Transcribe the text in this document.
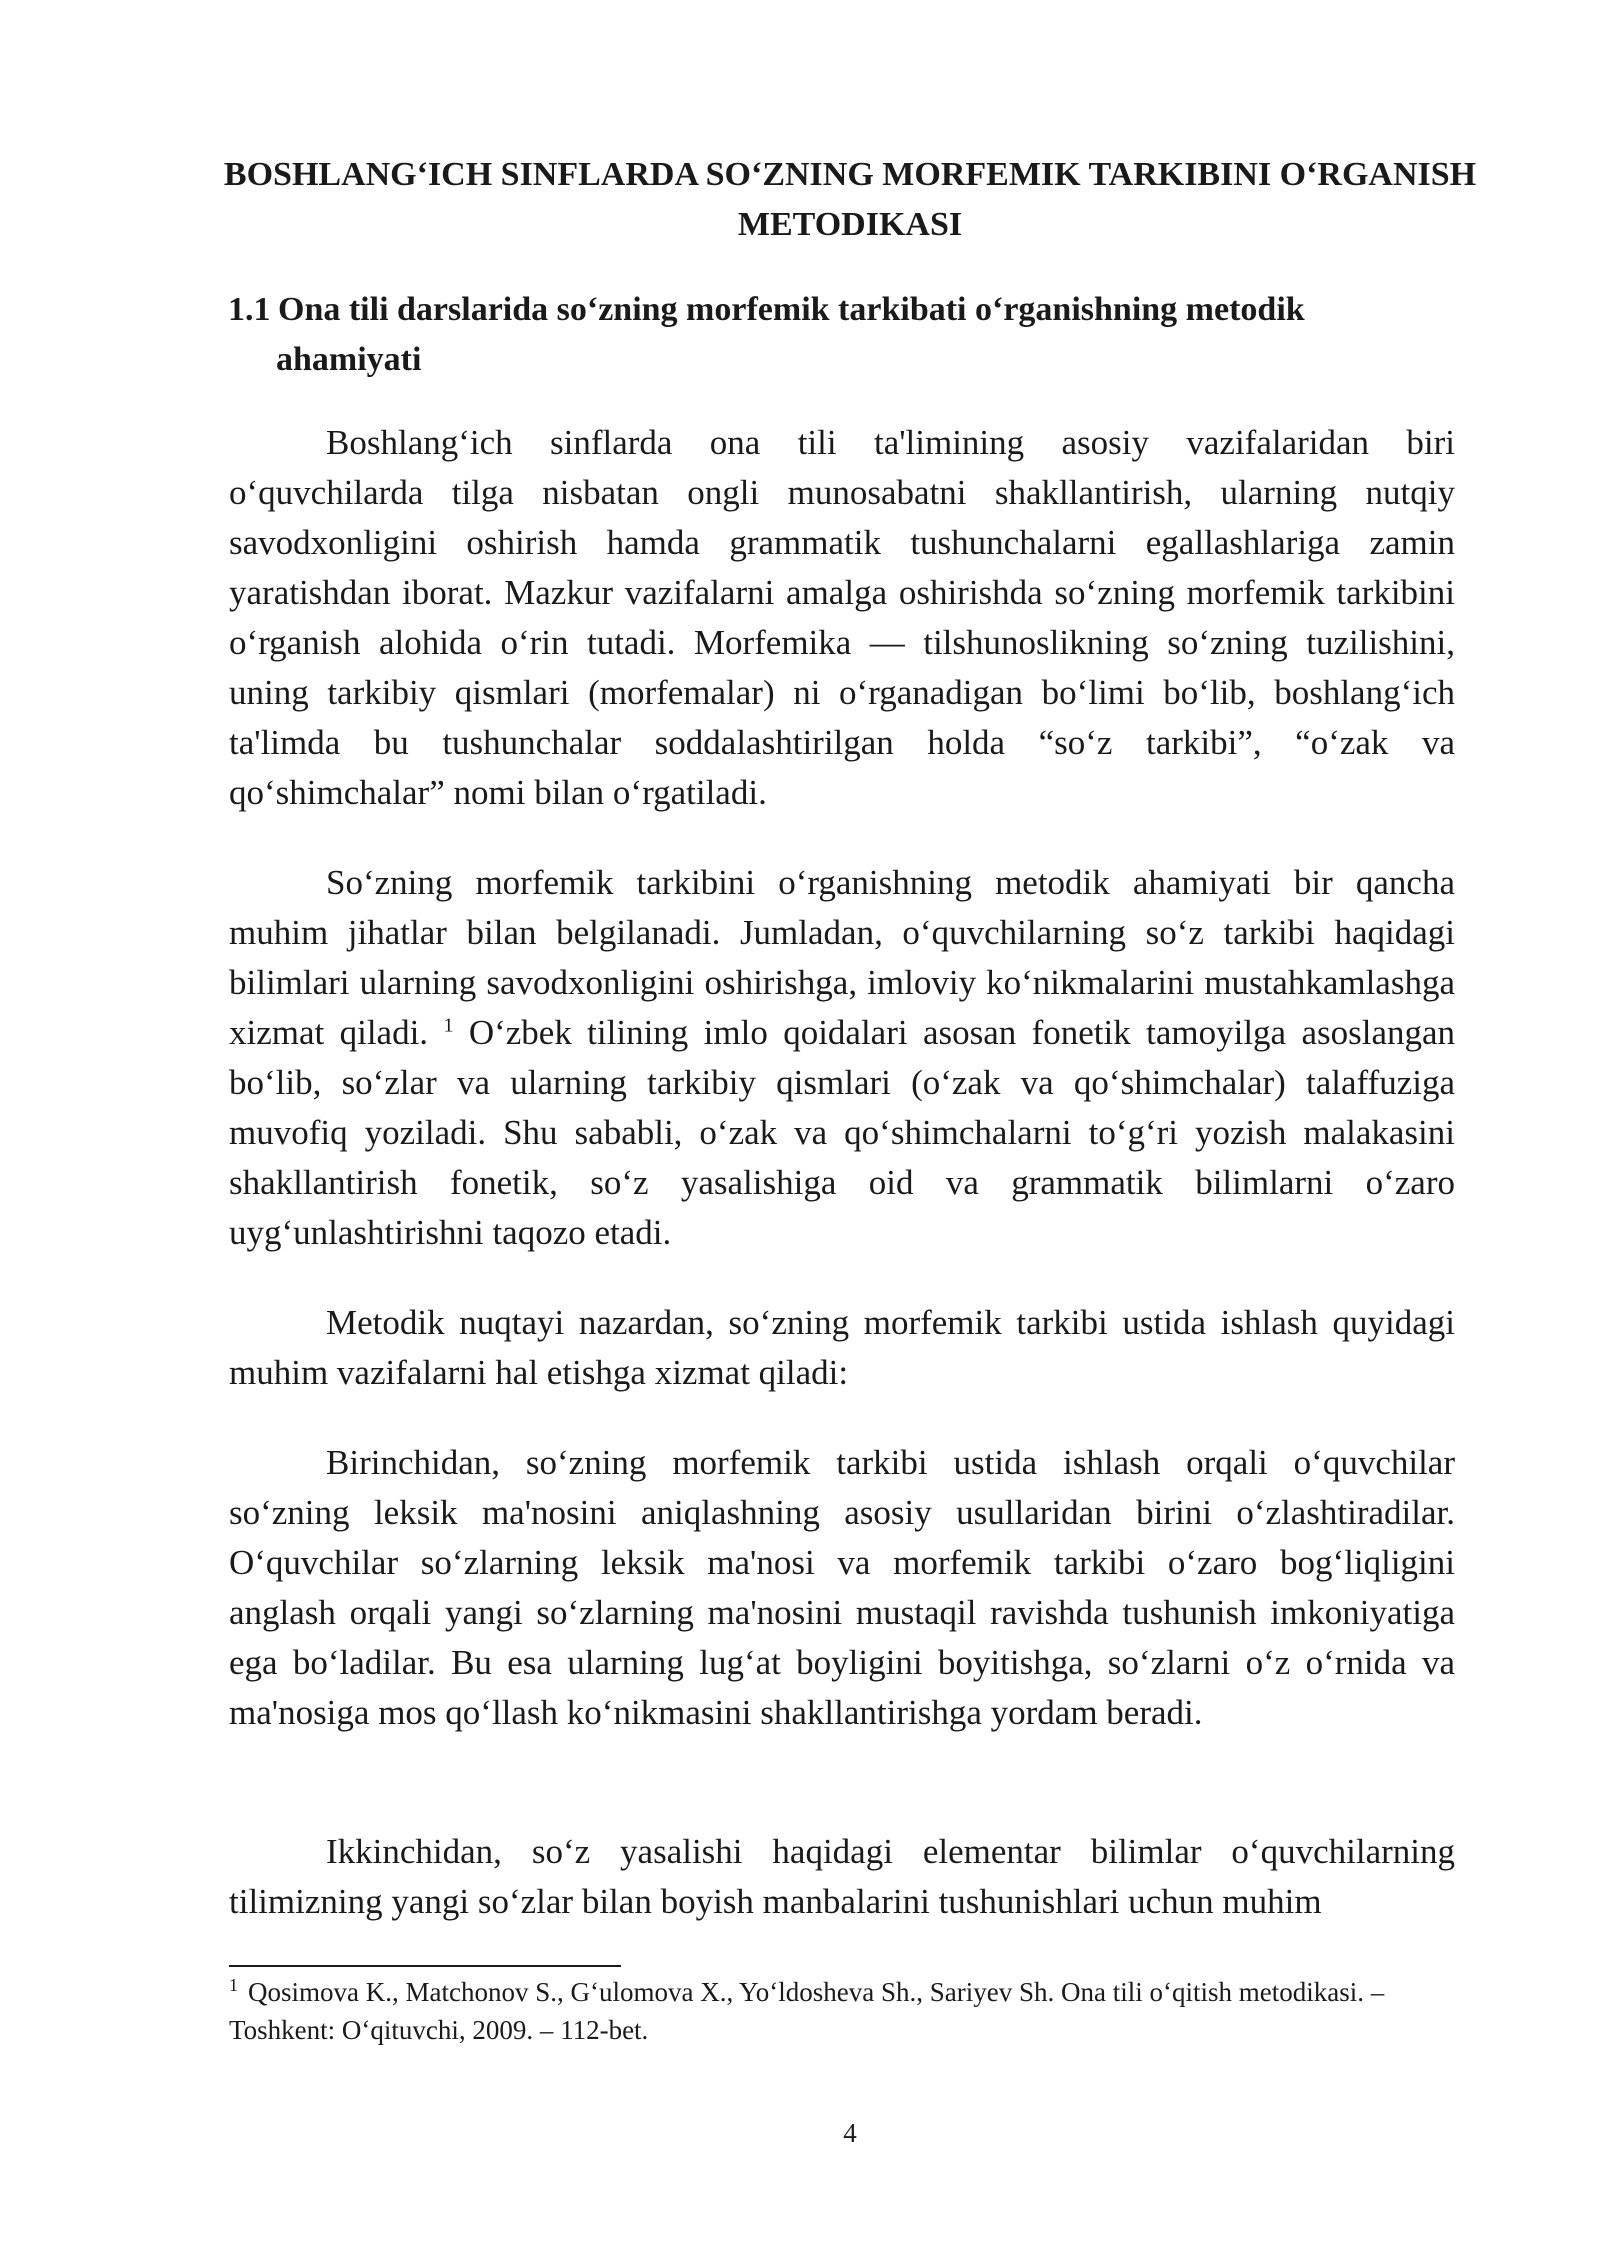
BOSHLANG‘ICH SINFLARDA SO‘ZNING MORFEMIK TARKIBINI O‘RGANISH METODIKASI
1.1 Ona tili darslarida so‘zning morfemik tarkibati o‘rganishning metodik
ahamiyati

Boshlang‘ich sinflarda ona tili ta'limining asosiy vazifalaridan biri o‘quvchilarda tilga nisbatan ongli munosabatni shakllantirish, ularning nutqiy savodxonligini oshirish hamda grammatik tushunchalarni egallashlariga zamin yaratishdan iborat. Mazkur vazifalarni amalga oshirishda so‘zning morfemik tarkibini o‘rganish alohida o‘rin tutadi. Morfemika — tilshunoslikning so‘zning tuzilishini, uning tarkibiy qismlari (morfemalar) ni o‘rganadigan bo‘limi bo‘lib, boshlang‘ich ta'limda bu tushunchalar soddalashtirilgan holda “so‘z tarkibi”, “o‘zak va qo‘shimchalar” nomi bilan o‘rgatiladi.

So‘zning morfemik tarkibini o‘rganishning metodik ahamiyati bir qancha muhim jihatlar bilan belgilanadi. Jumladan, o‘quvchilarning so‘z tarkibi haqidagi bilimlari ularning savodxonligini oshirishga, imloviy ko‘nikmalarini mustahkamlashga xizmat qiladi. $^1$ O‘zbek tilining imlo qoidalari asosan fonetik tamoyilga asoslangan bo‘lib, so‘zlar va ularning tarkibiy qismlari (o‘zak va qo‘shimchalar) talaffuziga muvofiq yoziladi. Shu sababli, o‘zak va qo‘shimchalarni to‘g‘ri yozish malakasini shakllantirish fonetik, so‘z yasalishiga oid va grammatik bilimlarni o‘zaro uyg‘unlashtirishni taqozo etadi.

Metodik nuqtayi nazardan, so‘zning morfemik tarkibi ustida ishlash quyidagi muhim vazifalarni hal etishga xizmat qiladi:

Birinchidan, so‘zning morfemik tarkibi ustida ishlash orqali o‘quvchilar so‘zning leksik ma'nosini aniqlashning asosiy usullaridan birini o‘zlashtiradilar. O‘quvchilar so‘zlarning leksik ma'nosi va morfemik tarkibi o‘zaro bog‘liqligini anglash orqali yangi so‘zlarning ma'nosini mustaqil ravishda tushunish imkoniyatiga ega bo‘ladilar. Bu esa ularning lug‘at boyligini boyitishga, so‘zlarni o‘z o‘rnida va ma'nosiga mos qo‘llash ko‘nikmasini shakllantirishga yordam beradi.

Ikkinchidan, so‘z yasalishi haqidagi elementar bilimlar o‘quvchilarning tilimizning yangi so‘zlar bilan boyish manbalarini tushunishlari uchun muhim

$^1$ Qosimova K., Matchonov S., G‘ulomova X., Yo‘ldosheva Sh., Sariyev Sh. Ona tili o‘qitish metodikasi. – Toshkent: O‘qituvchi, 2009. – 112-bet.

4
